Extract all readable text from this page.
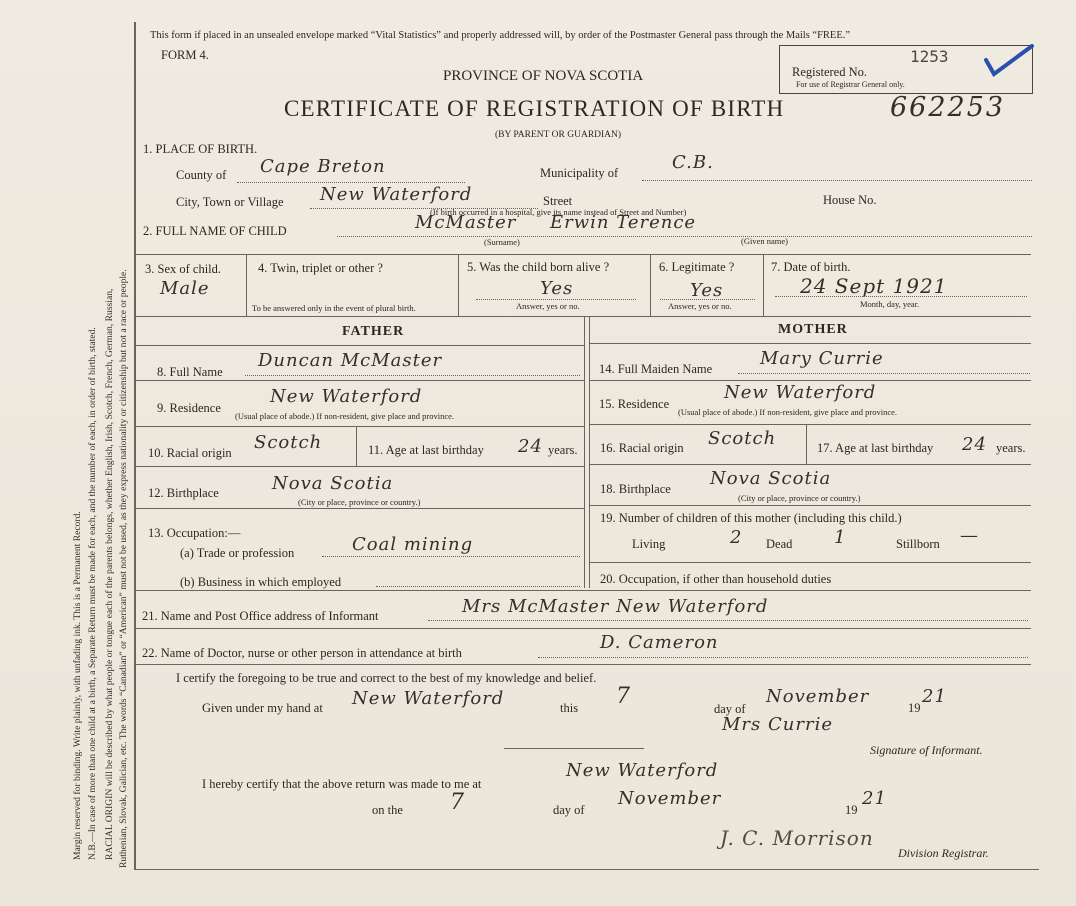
Margin reserved for binding. Write plainly, with unfading ink. This is a Permanent Record. N.B.—In case of more than one child at a birth, a Separate Return must be made for each, and the number of each, in order of birth, stated. RACIAL ORIGIN will be described by what people or tongue each of the parents belongs, whether English, Irish, Scotch, French, German, Russian, Ruthenian, Slovak, Galician, etc. The words “Canadian” or “American” must not be used, as they express nationality or citizenship but not a race or people.
This form if placed in an unsealed envelope marked “Vital Statistics” and properly addressed will, by order of the Postmaster General pass through the Mails “FREE.”
FORM 4.
PROVINCE OF NOVA SCOTIA
CERTIFICATE OF REGISTRATION OF BIRTH
(BY PARENT OR GUARDIAN)
662253
Registered No.
1253
For use of Registrar General only.
1. PLACE OF BIRTH.
County of Cape Breton	Municipality of	C.B.
City, Town or Village New Waterford	Street	House No.
(If birth occurred in a hospital, give its name instead of Street and Number)
2. FULL NAME OF CHILD	McMaster Erwin Terence
(Surname)	(Given name)
3. Sex of child.
Male
4. Twin, triplet or other ?
To be answered only in the event of plural birth.
5. Was the child born alive ?
Yes
Answer, yes or no.
6. Legitimate ?
Yes
Answer, yes or no.
7. Date of birth.
24 Sept 1921
Month, day, year.
FATHER	MOTHER
8. Full Name
Duncan McMaster
9. Residence
New Waterford
(Usual place of abode.) If non-resident, give place and province.
10. Racial origin Scotch	11. Age at last birthday 24 years.
12. Birthplace	Nova Scotia
(City or place, province or country.)
13. Occupation:—
(a) Trade or profession	Coal mining
(b) Business in which employed
14. Full Maiden Name	Mary Currie
15. Residence
New Waterford
(Usual place of abode.) If non-resident, give place and province.
16. Racial origin Scotch	17. Age at last birthday 24 years.
18. Birthplace Nova Scotia
(City or place, province or country.)
19. Number of children of this mother (including this child.)
Living	2 Dead 1	Stillborn —
20. Occupation, if other than household duties
21. Name and Post Office address of Informant	Mrs McMaster New Waterford
22. Name of Doctor, nurse or other person in attendance at birth	D. Cameron
I certify the foregoing to be true and correct to the best of my knowledge and belief.
Given under my hand at New Waterford	this 7	day of
November
19
21
Mrs Currie
Signature of Informant.
I hereby certify that the above return was made to me at
New Waterford
on the 7	day of
November
19
21
J. C. Morrison
Division Registrar.
